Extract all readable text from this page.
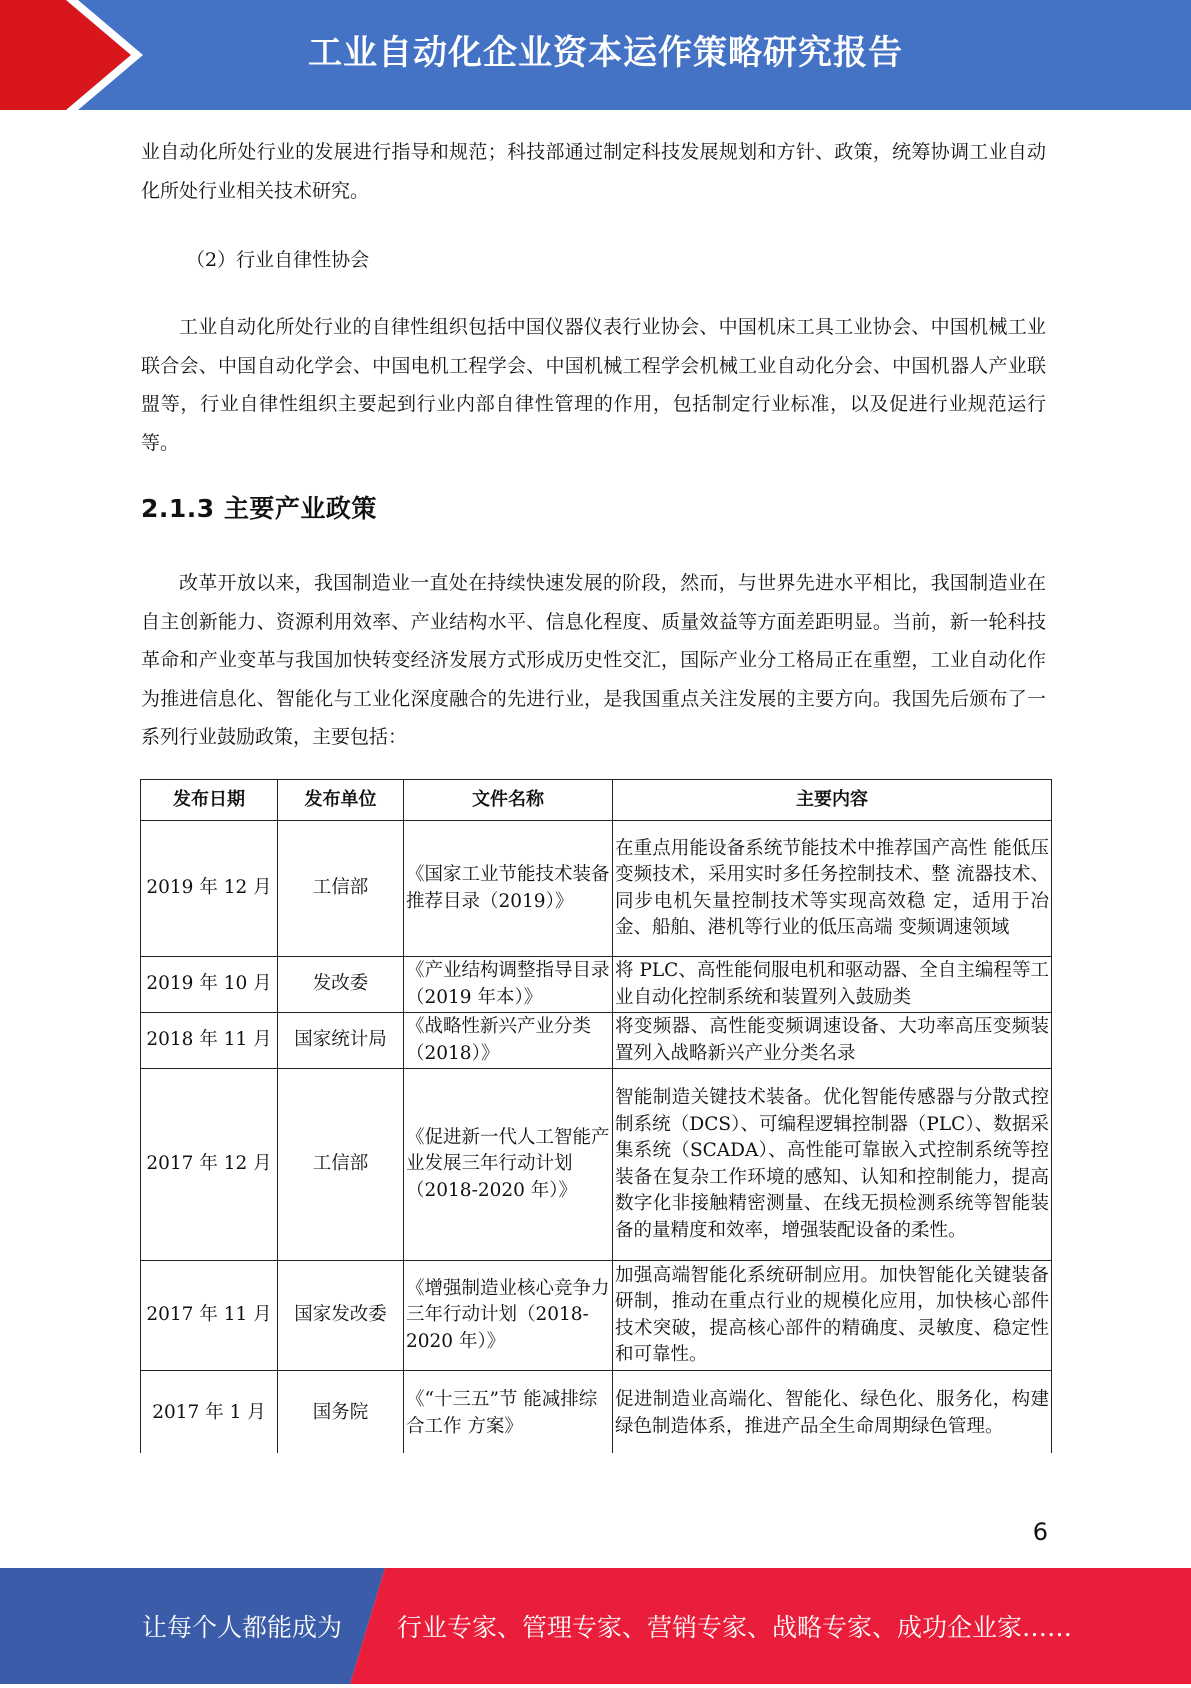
工业自动化企业资本运作策略研究报告

业自动化所处行业的发展进行指导和规范；科技部通过制定科技发展规划和方针、政策，统筹协调工业自动化所处行业相关技术研究。

（2）行业自律性协会

工业自动化所处行业的自律性组织包括中国仪器仪表行业协会、中国机床工具工业协会、中国机械工业联合会、中国自动化学会、中国电机工程学会、中国机械工程学会机械工业自动化分会、中国机器人产业联盟等，行业自律性组织主要起到行业内部自律性管理的作用，包括制定行业标准，以及促进行业规范运行等。

2.1.3 主要产业政策

改革开放以来，我国制造业一直处在持续快速发展的阶段，然而，与世界先进水平相比，我国制造业在自主创新能力、资源利用效率、产业结构水平、信息化程度、质量效益等方面差距明显。当前，新一轮科技革命和产业变革与我国加快转变经济发展方式形成历史性交汇，国际产业分工格局正在重塑，工业自动化作为推进信息化、智能化与工业化深度融合的先进行业，是我国重点关注发展的主要方向。我国先后颁布了一系列行业鼓励政策，主要包括：

发布日期	发布单位	文件名称	主要内容
2019 年 12 月	工信部	《国家工业节能技术装备推荐目录（2019）》	在重点用能设备系统节能技术中推荐国产高性 能低压变频技术，采用实时多任务控制技术、整 流器技术、同步电机矢量控制技术等实现高效稳 定，适用于冶金、船舶、港机等行业的低压高端 变频调速领域
2019 年 10 月	发改委	《产业结构调整指导目录（2019 年本）》	将 PLC、高性能伺服电机和驱动器、全自主编程等工业自动化控制系统和装置列入鼓励类
2018 年 11 月	国家统计局	《战略性新兴产业分类（2018）》	将变频器、高性能变频调速设备、大功率高压变频装置列入战略新兴产业分类名录
2017 年 12 月	工信部	《促进新一代人工智能产业发展三年行动计划（2018-2020 年）》	智能制造关键技术装备。优化智能传感器与分散式控制系统（DCS）、可编程逻辑控制器（PLC）、数据采集系统（SCADA）、高性能可靠嵌入式控制系统等控装备在复杂工作环境的感知、认知和控制能力，提高数字化非接触精密测量、在线无损检测系统等智能装备的量精度和效率，增强装配设备的柔性。
2017 年 11 月	国家发改委	《增强制造业核心竞争力三年行动计划（2018-2020 年）》	加强高端智能化系统研制应用。加快智能化关键装备研制，推动在重点行业的规模化应用，加快核心部件技术突破，提高核心部件的精确度、灵敏度、稳定性和可靠性。
2017 年 1 月	国务院	《“十三五”节 能减排综合工作 方案》	促进制造业高端化、智能化、绿色化、服务化，构建绿色制造体系，推进产品全生命周期绿色管理。
6
让每个人都能成为 行业专家、管理专家、营销专家、战略专家、成功企业家……
